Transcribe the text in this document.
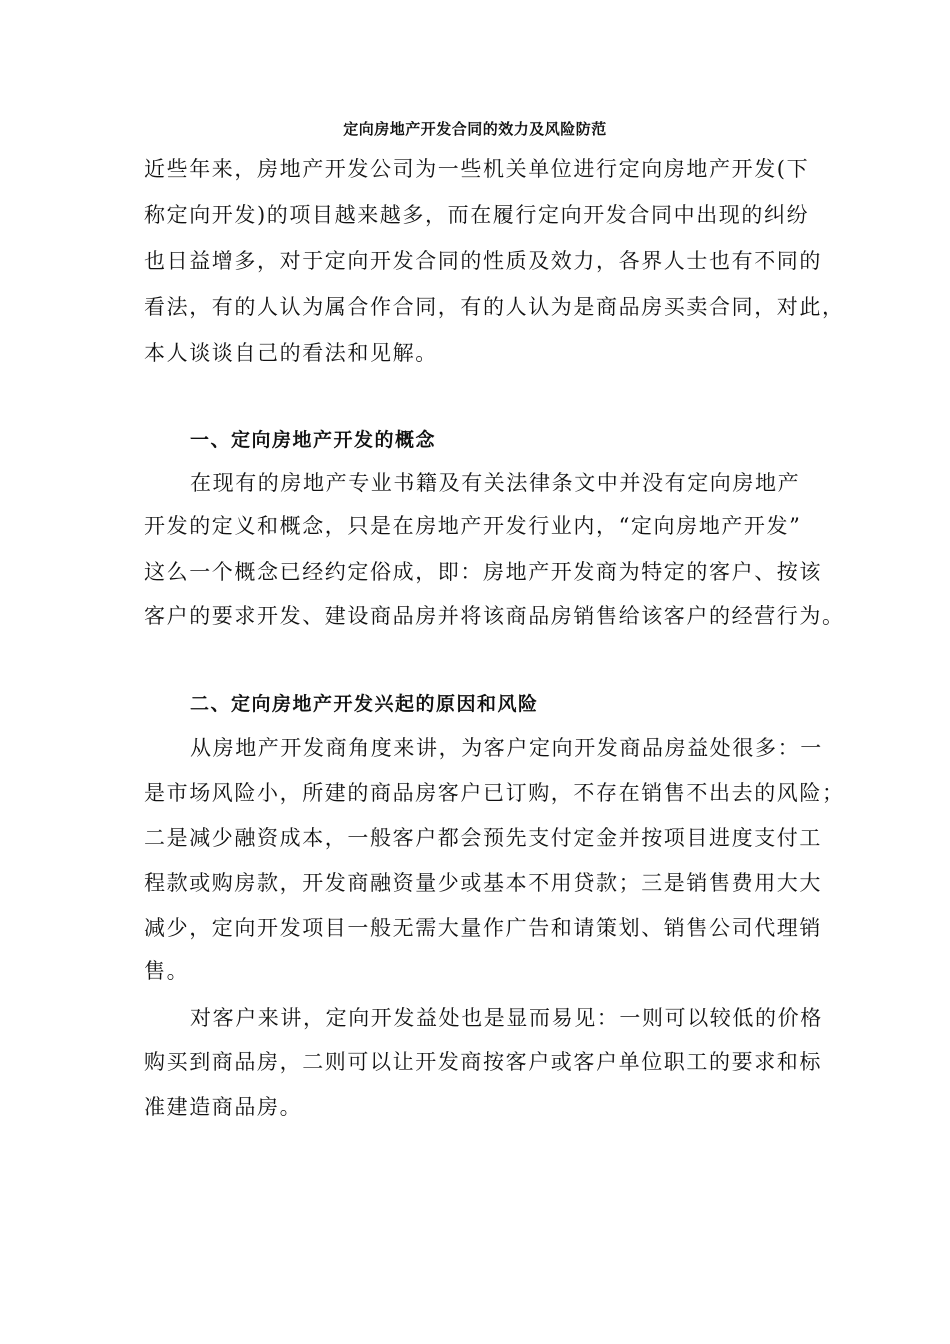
定向房地产开发合同的效力及风险防范
近些年来，房地产开发公司为一些机关单位进行定向房地产开发(下
称定向开发)的项目越来越多，而在履行定向开发合同中出现的纠纷
也日益增多，对于定向开发合同的性质及效力，各界人士也有不同的
看法，有的人认为属合作合同，有的人认为是商品房买卖合同，对此，
本人谈谈自己的看法和见解。
一、定向房地产开发的概念
在现有的房地产专业书籍及有关法律条文中并没有定向房地产
开发的定义和概念，只是在房地产开发行业内，“定向房地产开发”
这么一个概念已经约定俗成，即：房地产开发商为特定的客户、按该
客户的要求开发、建设商品房并将该商品房销售给该客户的经营行为。
二、定向房地产开发兴起的原因和风险
从房地产开发商角度来讲，为客户定向开发商品房益处很多：一
是市场风险小，所建的商品房客户已订购，不存在销售不出去的风险；
二是减少融资成本，一般客户都会预先支付定金并按项目进度支付工
程款或购房款，开发商融资量少或基本不用贷款；三是销售费用大大
减少，定向开发项目一般无需大量作广告和请策划、销售公司代理销
售。
对客户来讲，定向开发益处也是显而易见：一则可以较低的价格
购买到商品房，二则可以让开发商按客户或客户单位职工的要求和标
准建造商品房。
